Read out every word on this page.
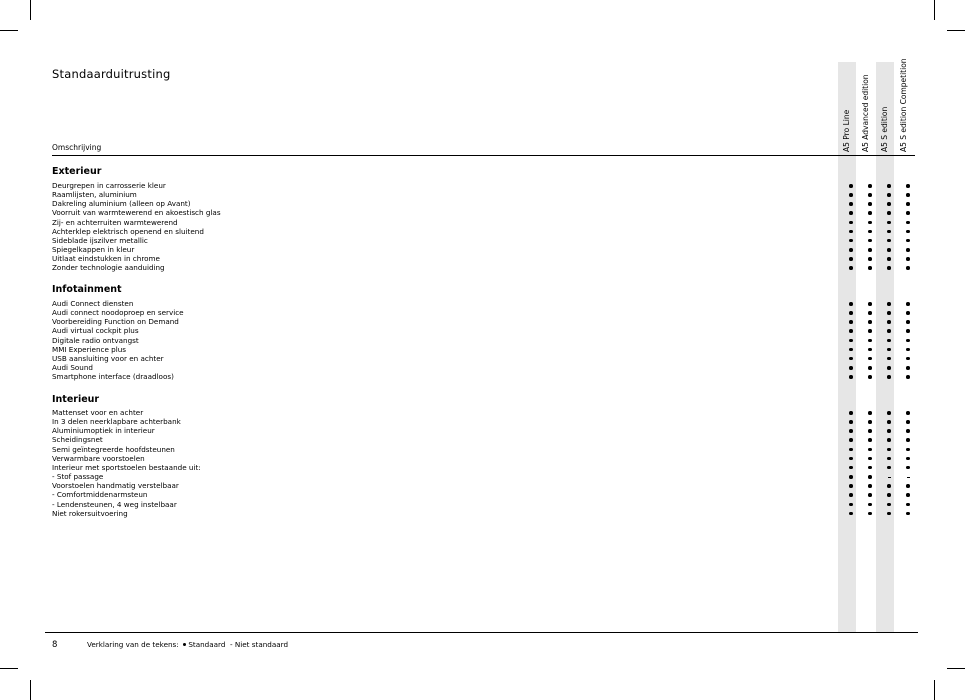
A5 Pro Line A5 Advanced edition A5 S edition A5 S edition Competition
Standaarduitrusting
Omschrijving
Exterieur
Deurgrepen in carrosserie kleur
Raamlijsten, aluminium
Dakreling aluminium (alleen op Avant)
Voorruit van warmtewerend en akoestisch glas
Zij- en achterruiten warmtewerend
Achterklep elektrisch openend en sluitend
Sideblade ijszilver metallic
Spiegelkappen in kleur
Uitlaat eindstukken in chrome
Zonder technologie aanduiding
Infotainment
Audi Connect diensten
Audi connect noodoproep en service
Voorbereiding Function on Demand
Audi virtual cockpit plus
Digitale radio ontvangst
MMI Experience plus
USB aansluiting voor en achter
Audi Sound
Smartphone interface (draadloos)
Interieur
Mattenset voor en achter
In 3 delen neerklapbare achterbank
Aluminiumoptiek in interieur
Scheidingsnet
Semi geïntegreerde hoofdsteunen
Verwarmbare voorstoelen
Interieur met sportstoelen bestaande uit:
- Stof passage
Voorstoelen handmatig verstelbaar
- Comfortmiddenarmsteun
- Lendensteunen, 4 weg instelbaar
Niet rokersuitvoering
8	Verklaring van de tekens: Standaard - Niet standaard
